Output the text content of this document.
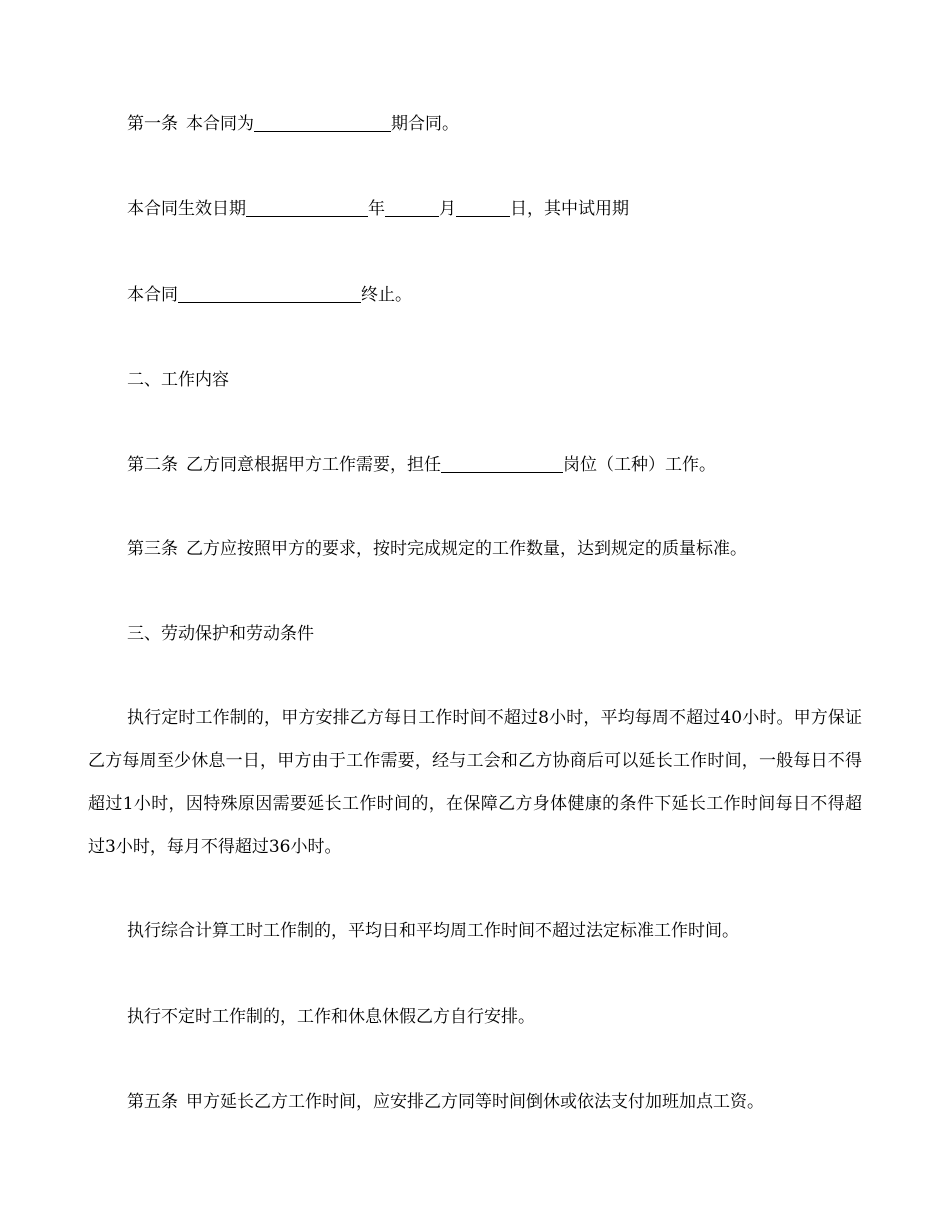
第一条 本合同为	期合同。
本合同生效日期	年	月	日，其中试用期
本合同	终止。
二、工作内容
第二条 乙方同意根据甲方工作需要，担任	岗位（工种）工作。
第三条 乙方应按照甲方的要求，按时完成规定的工作数量，达到规定的质量标准。
三、劳动保护和劳动条件
执行定时工作制的，甲方安排乙方每日工作时间不超过8小时，平均每周不超过40小时。甲方保证乙方每周至少休息一日，甲方由于工作需要，经与工会和乙方协商后可以延长工作时间，一般每日不得超过1小时，因特殊原因需要延长工作时间的，在保障乙方身体健康的条件下延长工作时间每日不得超过3小时，每月不得超过36小时。
执行综合计算工时工作制的，平均日和平均周工作时间不超过法定标准工作时间。
执行不定时工作制的，工作和休息休假乙方自行安排。
第五条 甲方延长乙方工作时间，应安排乙方同等时间倒休或依法支付加班加点工资。
